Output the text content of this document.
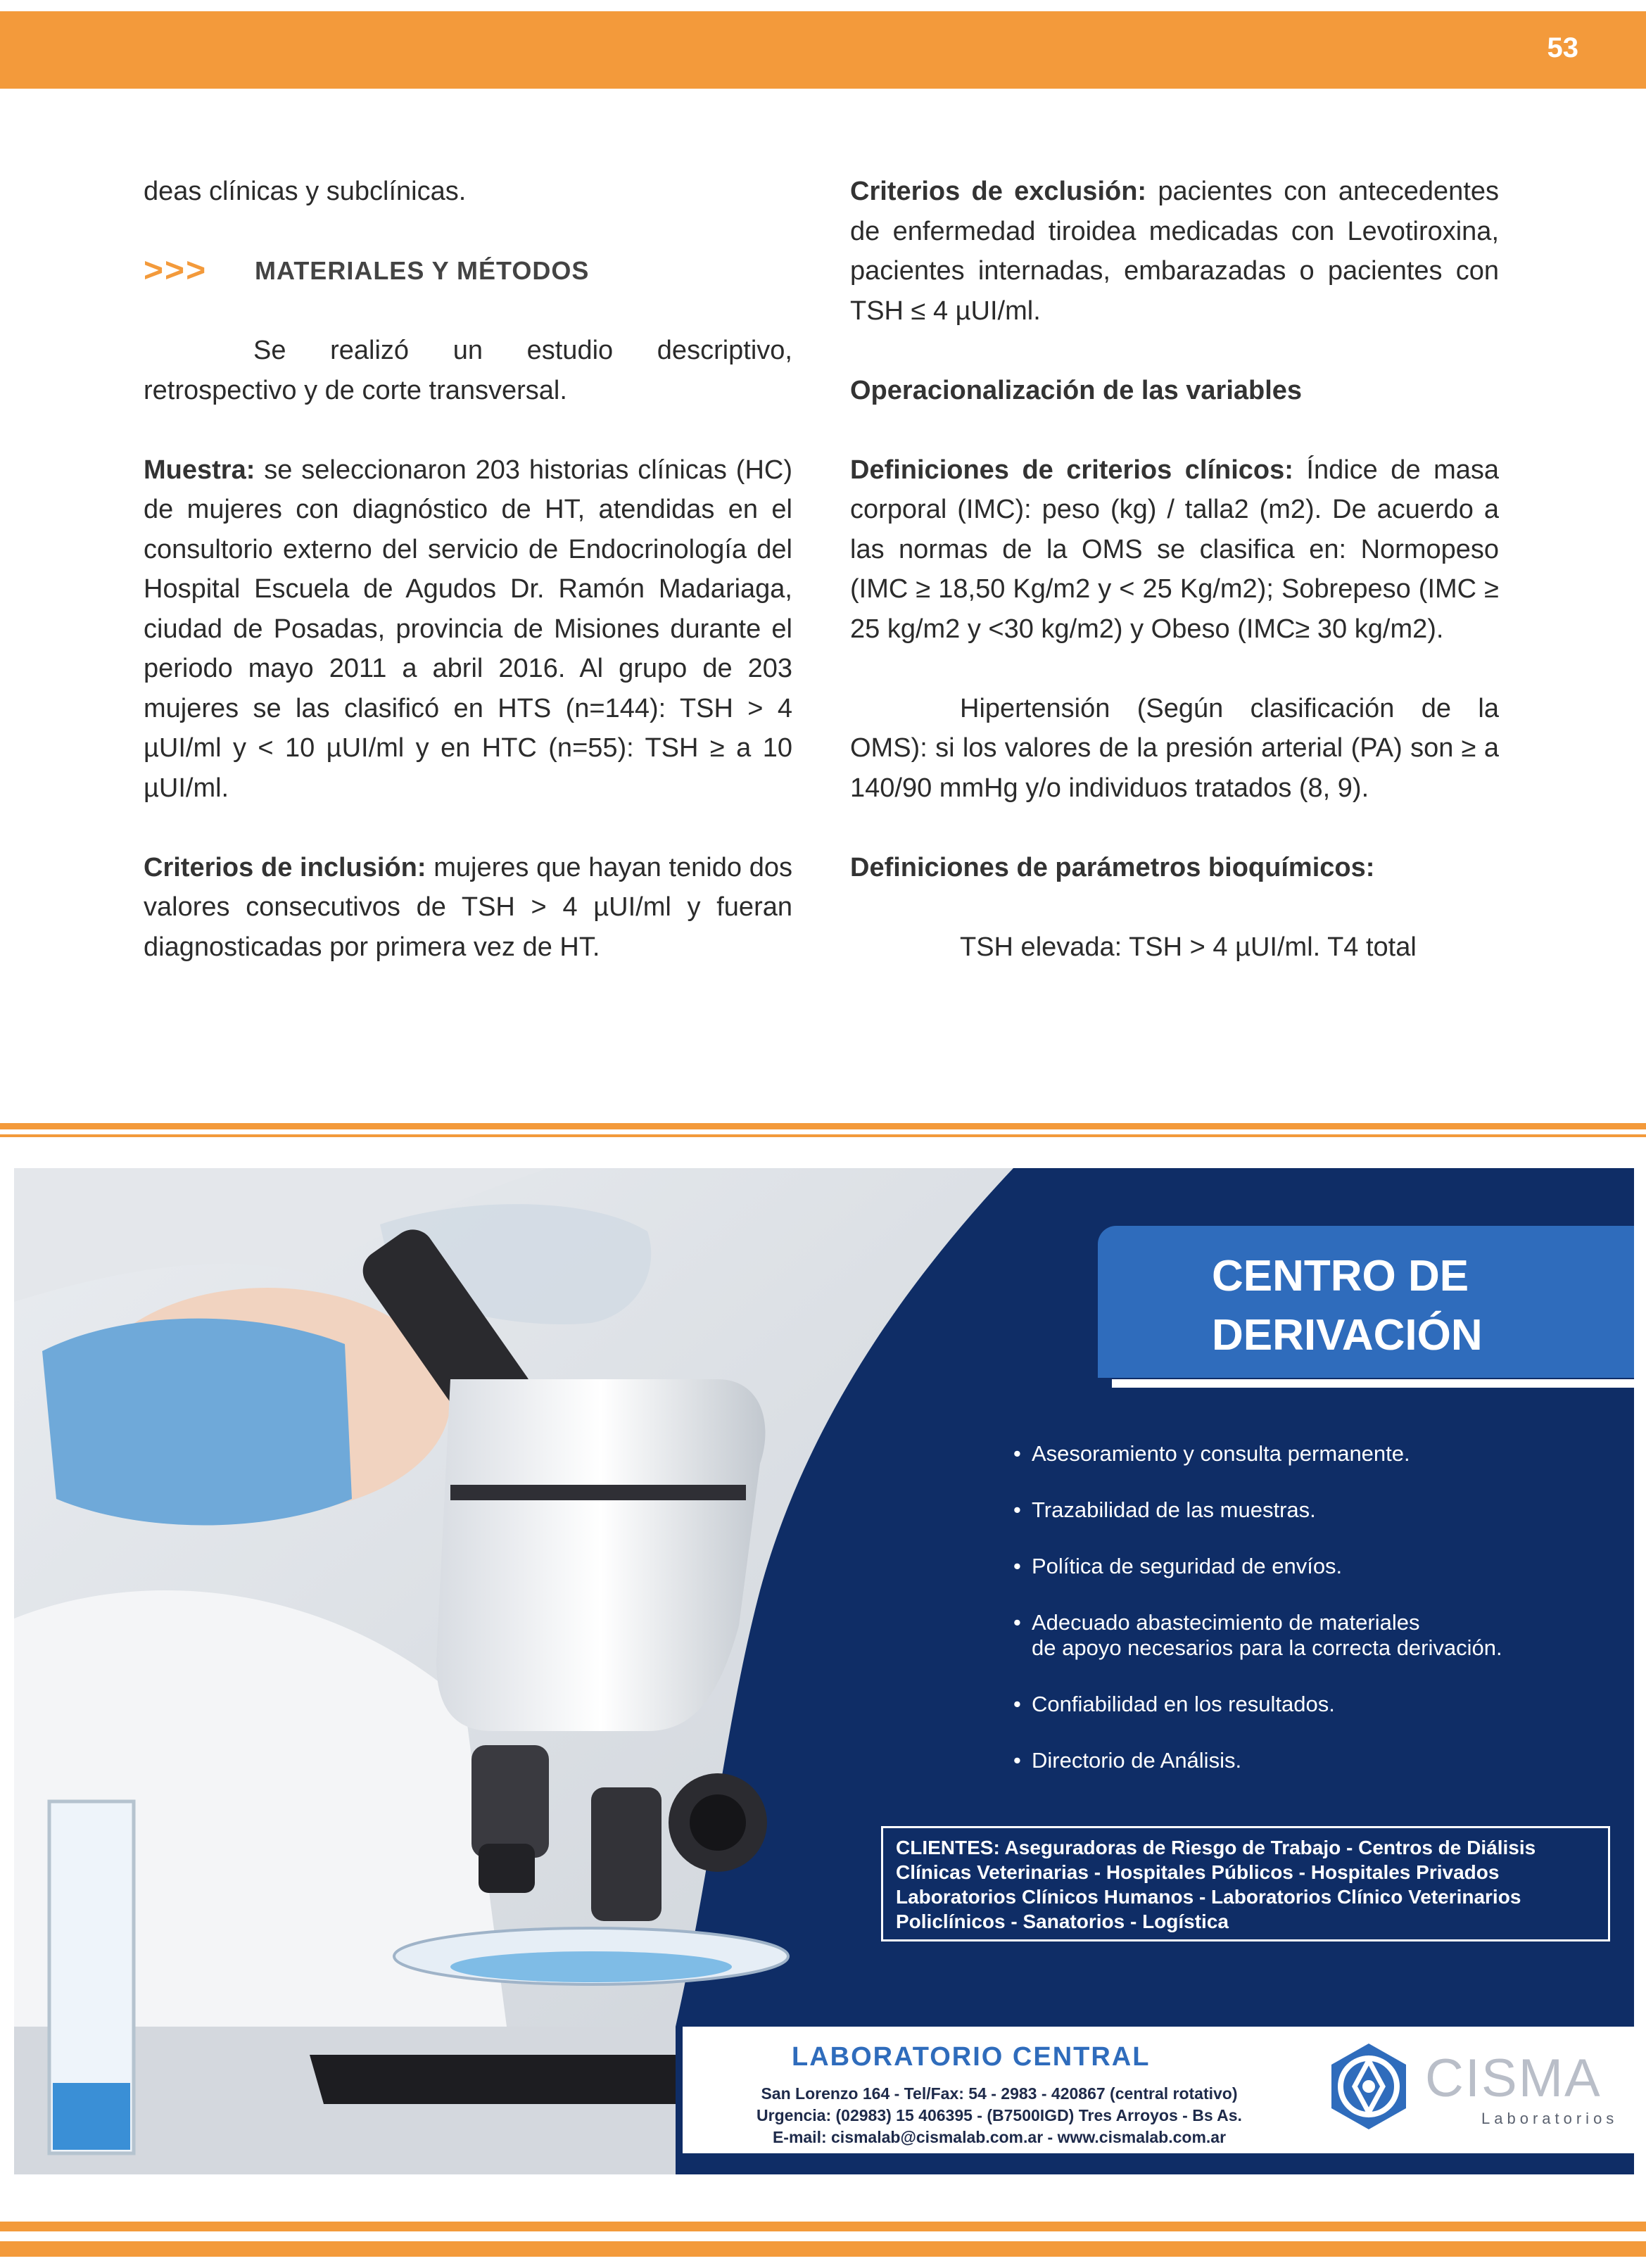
53

deas clínicas y subclínicas.

>>>	MATERIALES Y MÉTODOS

Se realizó un estudio descriptivo, retrospectivo y de corte transversal.

Muestra: se seleccionaron 203 historias clínicas (HC) de mujeres con diagnóstico de HT, atendidas en el consultorio externo del servicio de Endocrinología del Hospital Escuela de Agudos Dr. Ramón Madariaga, ciudad de Posadas, provincia de Misiones durante el periodo mayo 2011 a abril 2016. Al grupo de 203 mujeres se las clasificó en HTS (n=144): TSH > 4 µUI/ml y < 10 µUI/ml y en HTC (n=55): TSH ≥ a 10 µUI/ml.

Criterios de inclusión: mujeres que hayan tenido dos valores consecutivos de TSH > 4 µUI/ml y fueran diagnosticadas por primera vez de HT.

Criterios de exclusión: pacientes con antecedentes de enfermedad tiroidea medicadas con Levotiroxina, pacientes internadas, embarazadas o pacientes con TSH ≤ 4 µUI/ml.

Operacionalización de las variables

Definiciones de criterios clínicos: Índice de masa corporal (IMC): peso (kg) / talla2 (m2). De acuerdo a las normas de la OMS se clasifica en: Normopeso (IMC ≥ 18,50 Kg/m2 y < 25 Kg/m2); Sobrepeso (IMC ≥ 25 kg/m2 y <30 kg/m2) y Obeso (IMC≥ 30 kg/m2).

Hipertensión (Según clasificación de la OMS): si los valores de la presión arterial (PA) son ≥ a 140/90 mmHg y/o individuos tratados (8, 9).

Definiciones de parámetros bioquímicos:

TSH elevada: TSH > 4 µUI/ml. T4 total

CENTRO DE
DERIVACIÓN

• Asesoramiento y consulta permanente.
• Trazabilidad de las muestras.
• Política de seguridad de envíos.
• Adecuado abastecimiento de materiales
de apoyo necesarios para la correcta derivación.
• Confiabilidad en los resultados.
• Directorio de Análisis.

CLIENTES: Aseguradoras de Riesgo de Trabajo - Centros de Diálisis

Clínicas Veterinarias - Hospitales Públicos - Hospitales Privados

Laboratorios Clínicos Humanos - Laboratorios Clínico Veterinarios

Policlínicos - Sanatorios - Logística

LABORATORIO CENTRAL

San Lorenzo 164 - Tel/Fax: 54 - 2983 - 420867 (central rotativo)

Urgencia: (02983) 15 406395 - (B7500IGD) Tres Arroyos - Bs As.

E-mail: cismalab@cismalab.com.ar - www.cismalab.com.ar

CISMA
Laboratorios
